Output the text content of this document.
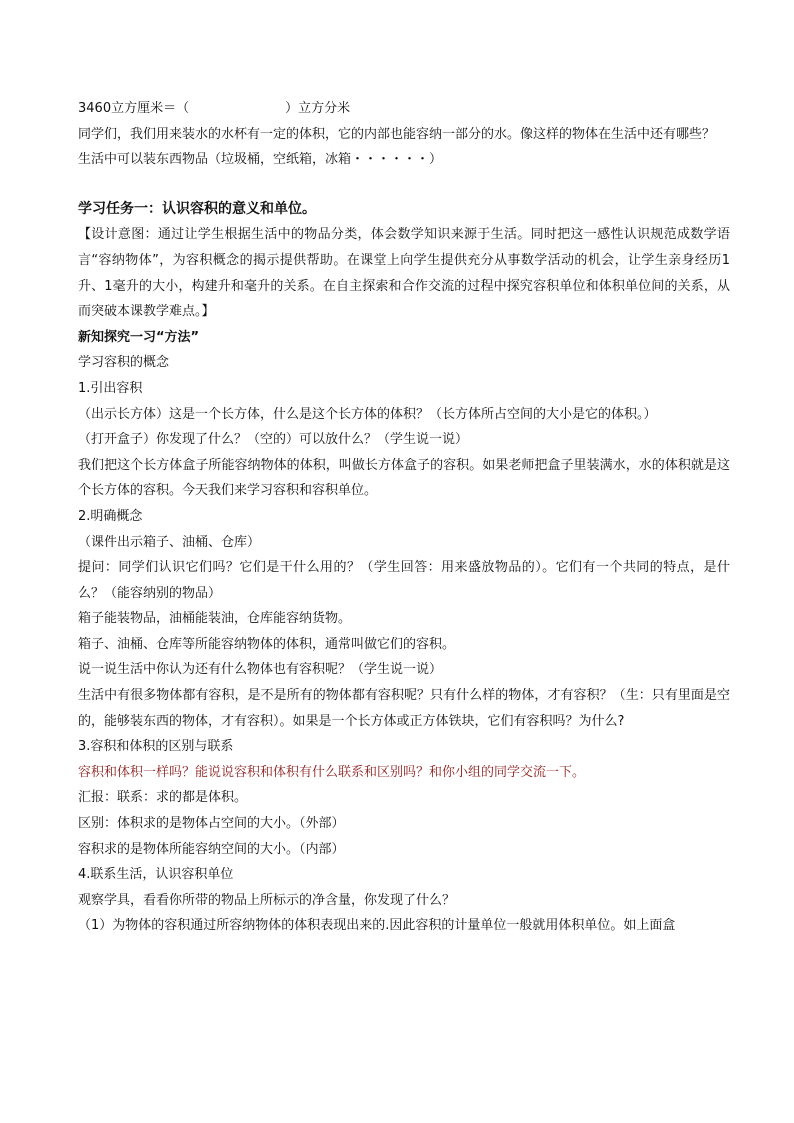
3460立方厘米＝（	）立方分米
同学们，我们用来装水的水杯有一定的体积，它的内部也能容纳一部分的水。像这样的物体在生活中还有哪些？
生活中可以装东西物品（垃圾桶，空纸箱，冰箱・・・・・・）
学习任务一：认识容积的意义和单位。
【设计意图：通过让学生根据生活中的物品分类，体会数学知识来源于生活。同时把这一感性认识规范成数学语言“容纳物体”，为容积概念的揭示提供帮助。在课堂上向学生提供充分从事数学活动的机会，让学生亲身经历1升、1毫升的大小，构建升和毫升的关系。在自主探索和合作交流的过程中探究容积单位和体积单位间的关系，从而突破本课教学难点。】
新知探究一习“方法”
学习容积的概念
1.引出容积
（出示长方体）这是一个长方体，什么是这个长方体的体积？（长方体所占空间的大小是它的体积。）
（打开盒子）你发现了什么？（空的）可以放什么？（学生说一说）
我们把这个长方体盒子所能容纳物体的体积，叫做长方体盒子的容积。如果老师把盒子里装满水，水的体积就是这个长方体的容积。今天我们来学习容积和容积单位。
2.明确概念
（课件出示箱子、油桶、仓库）
提问：同学们认识它们吗？它们是干什么用的？（学生回答：用来盛放物品的）。它们有一个共同的特点，是什么？（能容纳别的物品）
箱子能装物品，油桶能装油，仓库能容纳货物。
箱子、油桶、仓库等所能容纳物体的体积，通常叫做它们的容积。
说一说生活中你认为还有什么物体也有容积呢？（学生说一说）
生活中有很多物体都有容积，是不是所有的物体都有容积呢？只有什么样的物体，才有容积？（生：只有里面是空的，能够装东西的物体，才有容积）。如果是一个长方体或正方体铁块，它们有容积吗？为什么?
3.容积和体积的区别与联系
容积和体积一样吗？能说说容积和体积有什么联系和区别吗？和你小组的同学交流一下。
汇报：联系：求的都是体积。
区别：体积求的是物体占空间的大小。（外部）
容积求的是物体所能容纳空间的大小。（内部）
4.联系生活，认识容积单位
观察学具，看看你所带的物品上所标示的净含量，你发现了什么？
（1）为物体的容积通过所容纳物体的体积表现出来的.因此容积的计量单位一般就用体积单位。如上面盒
